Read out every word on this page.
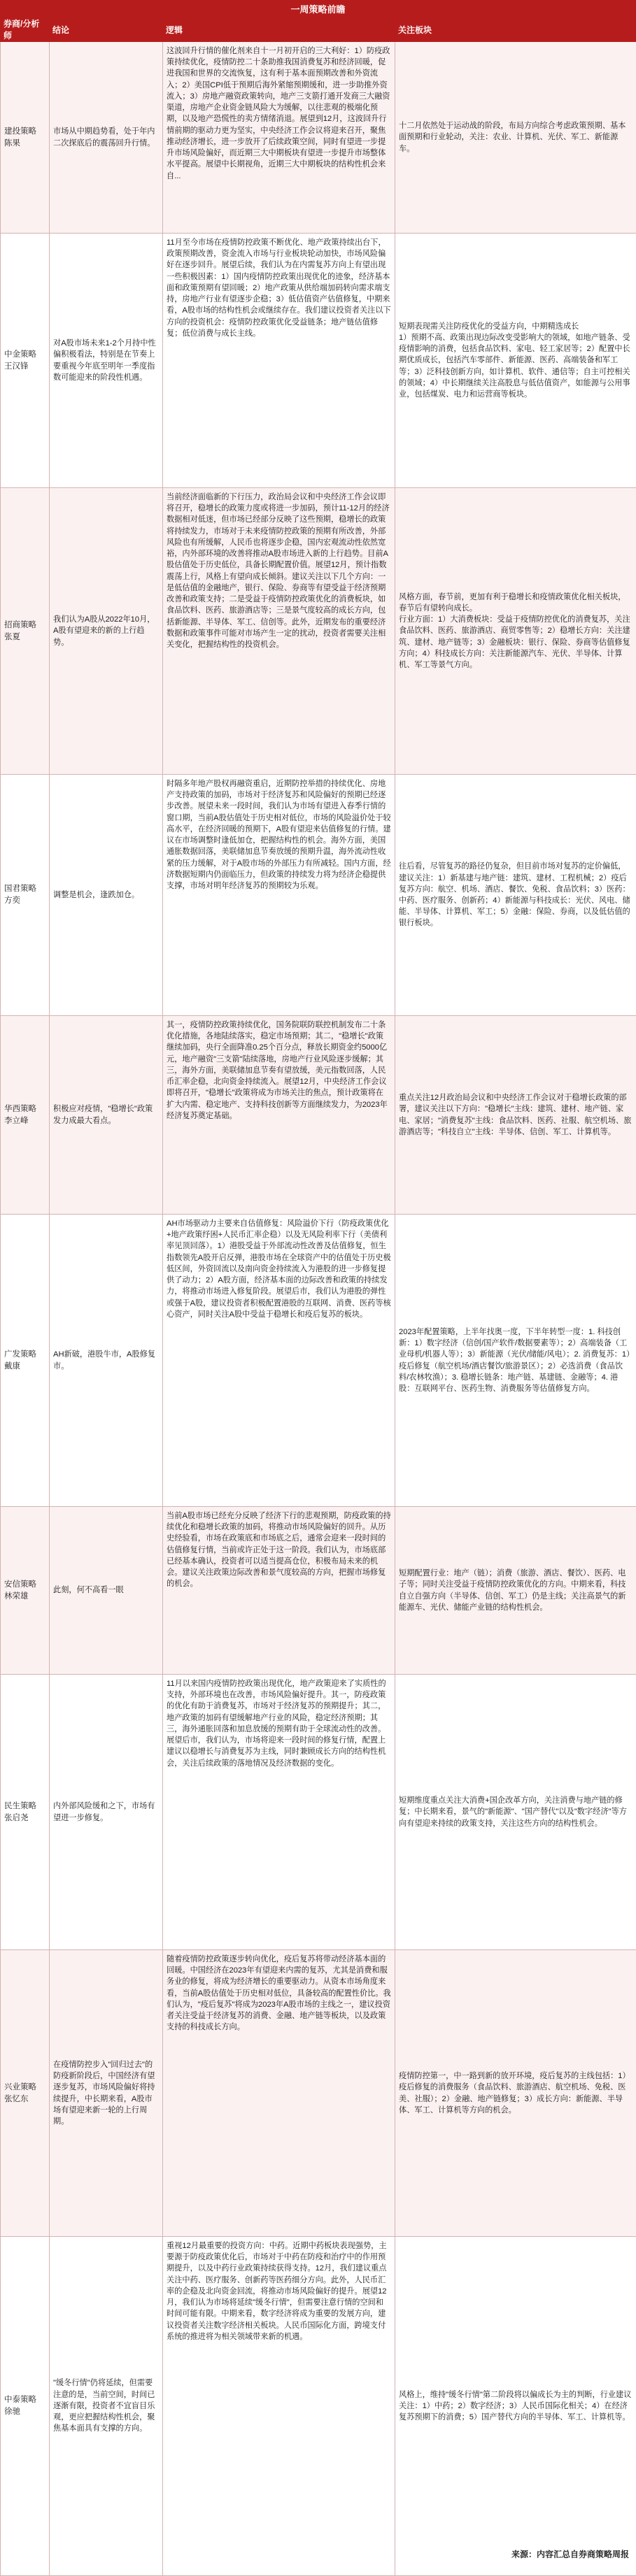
一周策略前瞻
券商/分析师	结论	逻辑	关注板块

建投策略
陈果	市场从中期趋势看，处于年内二次探底后的震荡回升行情。	这波回升行情的催化剂来自十一月初开启的三大利好：1）防疫政策持续优化，疫情防控二十条助推我国消费复苏和经济回暖，促进我国和世界的交流恢复，这有利于基本面预期改善和外资流入；2）美国CPI低于预期后海外紧缩预期缓和，进一步助推外资流入；3）房地产融资政策转向，地产三支箭打通开发商三大融资渠道，房地产企业资金链风险大为缓解，以往悲观的极端化预期，以及地产恐慌性的卖方情绪消退。展望到12月，这波回升行情前期的驱动力更为坚实，中央经济工作会议将迎来召开，聚焦推动经济增长，进一步放开了后续政策空间，同时有望进一步提升市场风险偏好，而近期三大中期板块有望进一步提升市场整体水平提高。展望中长期视角，近期三大中期板块的结构性机会来自...	十二月依然处于运动战的阶段，布局方向综合考虑政策预期、基本面预期和行业轮动，关注：农业、计算机、光伏、军工、新能源车。

中金策略
王汉锋	对A股市场未来1-2个月持中性偏积极看法，特别是在节奏上要重视今年底至明年一季度指数可能迎来的阶段性机遇。	11月至今市场在疫情防控政策不断优化、地产政策持续出台下，政策预期改善，资金流入市场与行业板块轮动加快，市场风险偏好在逐步回升。展望后续，我们认为在内需复苏方向上有望出现一些积极因素：1）国内疫情防控政策出现优化的迹象，经济基本面和政策预期有望回暖；2）地产政策从供给端加码转向需求端支持，房地产行业有望逐步企稳；3）低估值资产估值修复，中期来看，A股市场的结构性机会或继续存在。我们建议投资者关注以下方向的投资机会：疫情防控政策优化受益链条；地产链估值修复；低位消费与成长主线。	短期表现需关注防疫优化的受益方向，中期精选成长
1）预期不高、政策出现边际改变受影响大的领域，如地产链条、受疫情影响的消费，包括食品饮料、家电、轻工家居等；2）配置中长期优质成长，包括汽车零部件、新能源、医药、高端装备和军工等；3）泛科技创新方向，如计算机、软件、通信等；自主可控相关的领域；4）中长期继续关注高股息与低估值资产，如能源与公用事业，包括煤炭、电力和运营商等板块。

招商策略
张夏	我们认为A股从2022年10月，A股有望迎来的新的上行趋势。	当前经济面临新的下行压力，政治局会议和中央经济工作会议即将召开，稳增长的政策力度或将进一步加码，预计11-12月的经济数据相对低迷，但市场已经部分反映了这些预期，稳增长的政策将持续发力，市场对于未来疫情防控政策的预期有所改善，外部风险也有所缓解，人民币也将逐步企稳，国内宏观流动性依然宽裕，内外部环境的改善将推动A股市场进入新的上行趋势。目前A股估值处于历史低位，具备长期配置价值。展望12月，预计指数震荡上行，风格上有望向成长倾斜。建议关注以下几个方向：一是低估值的金融地产，银行、保险、券商等有望受益于经济预期改善和政策支持；二是受益于疫情防控政策优化的消费板块，如食品饮料、医药、旅游酒店等；三是景气度较高的成长方向，包括新能源、半导体、军工、信创等。此外，近期发布的重要经济数据和政策事件可能对市场产生一定的扰动，投资者需要关注相关变化，把握结构性的投资机会。	风格方面，春节前，更加有利于稳增长和疫情政策优化相关板块，春节后有望转向成长。
行业方面：1）大消费板块：受益于疫情防控优化的消费复苏，关注食品饮料、医药、旅游酒店、商贸零售等；2）稳增长方向：关注建筑、建材、地产链等；3）金融板块：银行、保险、券商等估值修复方向；4）科技成长方向：关注新能源汽车、光伏、半导体、计算机、军工等景气方向。

国君策略
方奕	调整是机会，逢跌加仓。	时隔多年地产股权再融资重启，近期防控举措的持续优化、房地产支持政策的加码，市场对于经济复苏和风险偏好的预期已经逐步改善。展望未来一段时间，我们认为市场有望进入春季行情的窗口期，当前A股估值处于历史相对低位，市场的风险溢价处于较高水平，在经济回暖的预期下，A股有望迎来估值修复的行情。建议在市场调整时逢低加仓，把握结构性的机会。海外方面，美国通胀数据回落，美联储加息节奏放缓的预期升温，海外流动性收紧的压力缓解，对于A股市场的外部压力有所减轻。国内方面，经济数据短期内仍面临压力，但政策的持续发力将为经济企稳提供支撑，市场对明年经济复苏的预期较为乐观。	往后看，尽管复苏的路径仍复杂，但目前市场对复苏的定价偏低，建议关注：1）新基建与地产链：建筑、建材、工程机械；2）疫后复苏方向：航空、机场、酒店、餐饮、免税、食品饮料；3）医药：中药、医疗服务、创新药；4）新能源与科技成长：光伏、风电、储能、半导体、计算机、军工；5）金融：保险、券商，以及低估值的银行板块。

华西策略
李立峰	积极应对疫情，"稳增长"政策发力成最大看点。	其一，疫情防控政策持续优化，国务院联防联控机制发布二十条优化措施，各地陆续落实，稳定市场预期；其二，"稳增长"政策继续加码，央行全面降准0.25个百分点，释放长期资金约5000亿元，地产融资"三支箭"陆续落地，房地产行业风险逐步缓解；其三，海外方面，美联储加息节奏有望放缓，美元指数回落，人民币汇率企稳，北向资金持续流入。展望12月，中央经济工作会议即将召开，"稳增长"政策将成为市场关注的焦点，预计政策将在扩大内需、稳定地产、支持科技创新等方面继续发力，为2023年经济复苏奠定基础。	重点关注12月政治局会议和中央经济工作会议对于稳增长政策的部署，建议关注以下方向："稳增长"主线：建筑、建材、地产链、家电、家居；"消费复苏"主线：食品饮料、医药、社服、航空机场、旅游酒店等；"科技自立"主线：半导体、信创、军工、计算机等。

广发策略
戴康	AH新破，港股牛市，A股修复市。	AH市场驱动力主要来自估值修复：风险溢价下行（防疫政策优化+地产政策纾困+人民币汇率企稳）以及无风险利率下行（美债利率见顶回落）。1）港股受益于外部流动性改善及估值修复，恒生指数领先A股开启反弹，港股市场在全球资产中的估值处于历史极低区间，外资回流以及南向资金持续流入为港股的进一步修复提供了动力；2）A股方面，经济基本面的边际改善和政策的持续发力，将推动市场进入修复阶段。展望后市，我们认为港股的弹性或强于A股，建议投资者积极配置港股的互联网、消费、医药等核心资产，同时关注A股中受益于稳增长和疫后复苏的板块。	2023年配置策略，上半年找奥一度，下半年转型一度：1. 科技创新：1）数字经济（信创/国产软件/数据要素等）；2）高端装备（工业母机/机器人等）；3）新能源（光伏/储能/风电）；2. 消费复苏：1）疫后修复（航空机场/酒店餐饮/旅游景区）；2）必选消费（食品饮料/农林牧渔）；3. 稳增长链条：地产链、基建链、金融等；4. 港股：互联网平台、医药生物、消费服务等估值修复方向。

安信策略
林荣雄	此刻，何不高看一眼	当前A股市场已经充分反映了经济下行的悲观预期，防疫政策的持续优化和稳增长政策的加码，将推动市场风险偏好的回升。从历史经验看，市场在政策底和市场底之后，通常会迎来一段时间的估值修复行情，当前或许正处于这一阶段。我们认为，市场底部已经基本确认，投资者可以适当提高仓位，积极布局未来的机会。建议关注政策边际改善和景气度较高的方向，把握市场修复的机会。	短期配置行业：地产（链）；消费（旅游、酒店、餐饮）、医药、电子等；同时关注受益于疫情防控政策优化的方向。中期来看，科技自立自强方向（半导体、信创、军工）仍是主线；关注高景气的新能源车、光伏、储能产业链的结构性机会。

民生策略
张启尧	内外部风险缓和之下，市场有望进一步修复。	11月以来国内疫情防控政策出现优化，地产政策迎来了实质性的支持，外部环境也在改善，市场风险偏好提升。其一，防疫政策的优化有助于消费复苏，市场对于经济复苏的预期提升；其二，地产政策的加码有望缓解地产行业的风险，稳定经济预期；其三，海外通胀回落和加息放缓的预期有助于全球流动性的改善。展望后市，我们认为，市场将迎来一段时间的修复行情，配置上建议以稳增长与消费复苏为主线，同时兼顾成长方向的结构性机会，关注后续政策的落地情况及经济数据的变化。	短期维度重点关注大消费+国企改革方向，关注消费与地产链的修复；中长期来看，景气的"新能源"、"国产替代"以及"数字经济"等方向有望迎来持续的政策支持，关注这些方向的结构性机会。

兴业策略
张忆东	在疫情防控步入"回归过去"的防疫新阶段后，中国经济有望逐步复苏，市场风险偏好将持续提升，中长期来看，A股市场有望迎来新一轮的上行周期。	随着疫情防控政策逐步转向优化，疫后复苏将带动经济基本面的回暖。中国经济在2023年有望迎来内需的复苏，尤其是消费和服务业的修复，将成为经济增长的重要驱动力。从资本市场角度来看，当前A股估值处于历史相对低位，具备较高的配置性价比。我们认为，"疫后复苏"将成为2023年A股市场的主线之一，建议投资者关注受益于经济复苏的消费、金融、地产链等板块，以及政策支持的科技成长方向。	疫情防控第一，中一路到新的放开环境，疫后复苏的主线包括：1）疫后修复的消费服务（食品饮料、旅游酒店、航空机场、免税、医美、社服）；2）金融、地产链修复；3）成长方向：新能源、半导体、军工、计算机等方向的机会。

中泰策略
徐驰	"缓冬行情"仍将延续，但需要注意的是，当前空间，时间已逐渐有限，投资者不宜盲目乐观，更应把握结构性机会，聚焦基本面具有支撑的方向。	重视12月最重要的投资方向：中药。近期中药板块表现强势，主要源于防疫政策优化后，市场对于中药在防疫和治疗中的作用预期提升，以及中药行业政策持续获得支持。12月，我们建议重点关注中药、医疗服务、创新药等医药细分方向。此外，人民币汇率的企稳及北向资金回流，将推动市场风险偏好的提升。展望12月，我们认为市场将延续"缓冬行情"，但需要注意行情的空间和时间可能有限。中期来看，数字经济将成为重要的发展方向，建议投资者关注数字经济相关板块。人民币国际化方面，跨境支付系统的推进将为相关领域带来新的机遇。	风格上，维持"缓冬行情"第二阶段将以偏成长为主的判断，行业建议关注：1）中药；2）数字经济；3）人民币国际化相关；4）在经济复苏预期下的消费；5）国产替代方向的半导体、军工、计算机等。
来源：内容汇总自券商策略周报
